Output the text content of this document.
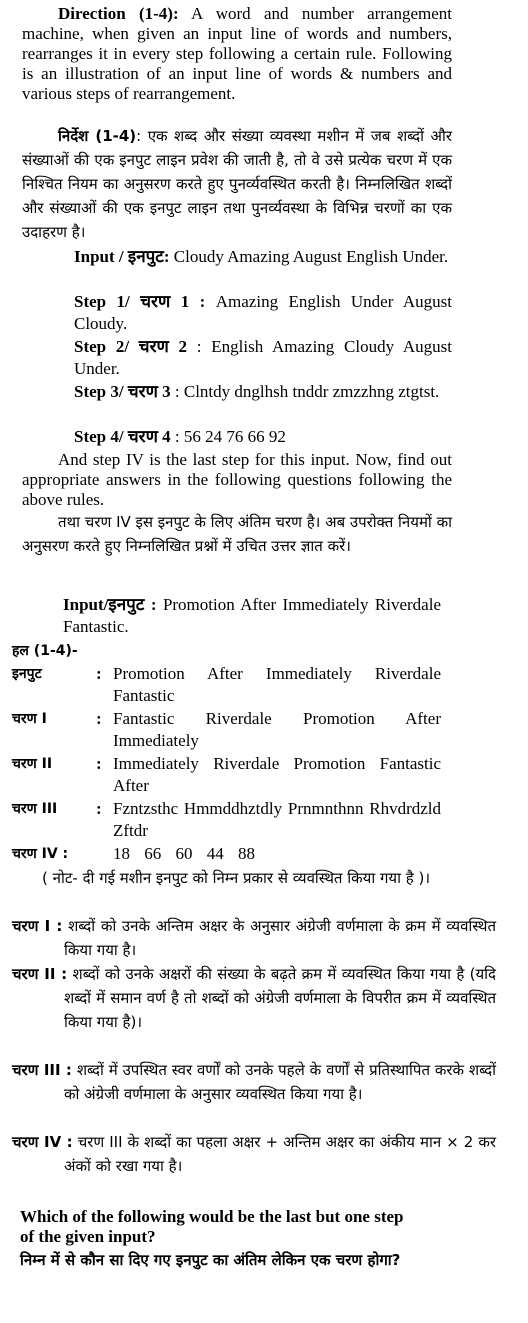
Direction (1-4): A word and number arrangement machine, when given an input line of words and numbers, rearranges it in every step following a certain rule. Following is an illustration of an input line of words & numbers and various steps of rearrangement.
निर्देश (1-4): एक शब्द और संख्या व्यवस्था मशीन में जब शब्दों और संख्याओं की एक इनपुट लाइन प्रवेश की जाती है, तो वे उसे प्रत्येक चरण में एक निश्चित नियम का अनुसरण करते हुए पुनर्व्यवस्थित करती है। निम्नलिखित शब्दों और संख्याओं की एक इनपुट लाइन तथा पुनर्व्यवस्था के विभिन्न चरणों का एक उदाहरण है।
Input / इनपुट: Cloudy Amazing August English Under.
Step 1/ चरण 1 : Amazing English Under August Cloudy.
Step 2/ चरण 2 : English Amazing Cloudy August Under.
Step 3/ चरण 3 : Clntdy dnglhsh tnddr zmzzhng ztgtst.
Step 4/ चरण 4 : 56 24 76 66 92
And step IV is the last step for this input. Now, find out appropriate answers in the following questions following the above rules.
तथा चरण IV इस इनपुट के लिए अंतिम चरण है। अब उपरोक्त नियमों का अनुसरण करते हुए निम्नलिखित प्रश्नों में उचित उत्तर ज्ञात करें।
Input/इनपुट : Promotion After Immediately Riverdale Fantastic.
हल (1-4)-
इनपुट	: Promotion After Immediately Riverdale Fantastic
चरण I	: Fantastic Riverdale Promotion After Immediately
चरण II	: Immediately Riverdale Promotion Fantastic After
चरण III : Fzntzsthc Hmmddhztdly Prnmnthnn Rhvdrdzld Zftdr
चरण IV :	18 66 60 44 88
( नोट- दी गई मशीन इनपुट को निम्न प्रकार से व्यवस्थित किया गया है )।
चरण I : शब्दों को उनके अन्तिम अक्षर के अनुसार अंग्रेजी वर्णमाला के क्रम में व्यवस्थित किया गया है।
चरण II : शब्दों को उनके अक्षरों की संख्या के बढ़ते क्रम में व्यवस्थित किया गया है (यदि शब्दों में समान वर्ण है तो शब्दों को अंग्रेजी वर्णमाला के विपरीत क्रम में व्यवस्थित किया गया है)।
चरण III : शब्दों में उपस्थित स्वर वर्णों को उनके पहले के वर्णों से प्रतिस्थापित करके शब्दों को अंग्रेजी वर्णमाला के अनुसार व्यवस्थित किया गया है।
चरण IV : चरण III के शब्दों का पहला अक्षर + अन्तिम अक्षर का अंकीय मान × 2 कर अंकों को रखा गया है।
Which of the following would be the last but one step of the given input?
निम्न में से कौन सा दिए गए इनपुट का अंतिम लेकिन एक चरण होगा?
